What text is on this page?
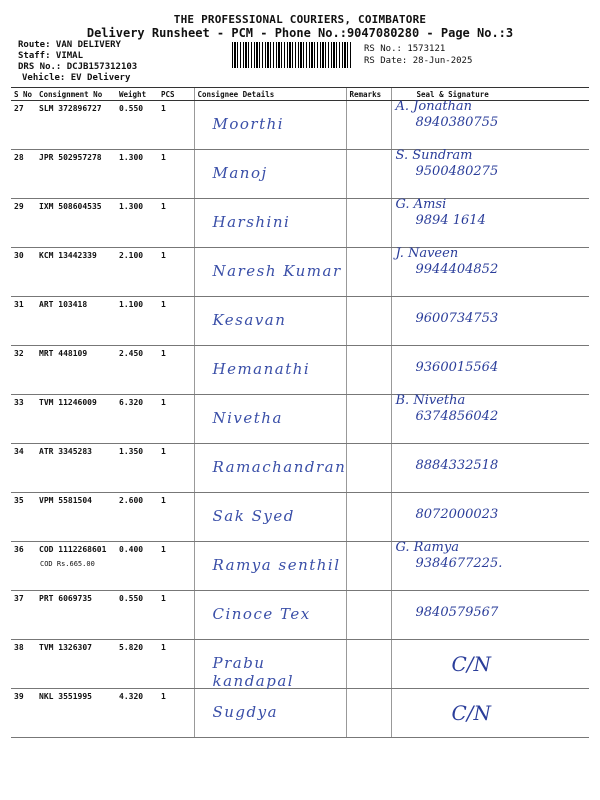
THE PROFESSIONAL COURIERS, COIMBATORE
Delivery Runsheet - PCM - Phone No.:9047080280 - Page No.:3
Route: VAN DELIVERY
Staff: VIMAL
DRS No.: DCJB157312103
Vehicle: EV Delivery
RS No.: 1573121
RS Date: 28-Jun-2025
S No	Consignment No	Weight	PCS	Consignee Details	Remarks	Seal & Signature
27	SLM 372896727	0.550	1	Moorthi		A. Jonathan
8940380755

28	JPR 502957278	1.300	1	Manoj		S. Sundram
9500480275

29	IXM 508604535	1.300	1	Harshini		G. Amsi
9894 1614

30	KCM 13442339	2.100	1	Naresh Kumar		J. Naveen
9944404852

31	ART 103418	1.100	1	Kesavan		9600734753

32	MRT 448109	2.450	1	Hemanathi		9360015564

33	TVM 11246009	6.320	1	Nivetha		B. Nivetha
6374856042

34	ATR 3345283	1.350	1	Ramachandran		8884332518

35	VPM 5581504	2.600	1	Sak Syed		8072000023

36	COD 1112268601
COD Rs.665.00	0.400	1	Ramya senthil		G. Ramya
9384677225.

37	PRT 6069735	0.550	1	Cinoce Tex		9840579567

38	TVM 1326307	5.820	1	Prabu kandapal		C/N

39	NKL 3551995	4.320	1	Sugdya		C/N
